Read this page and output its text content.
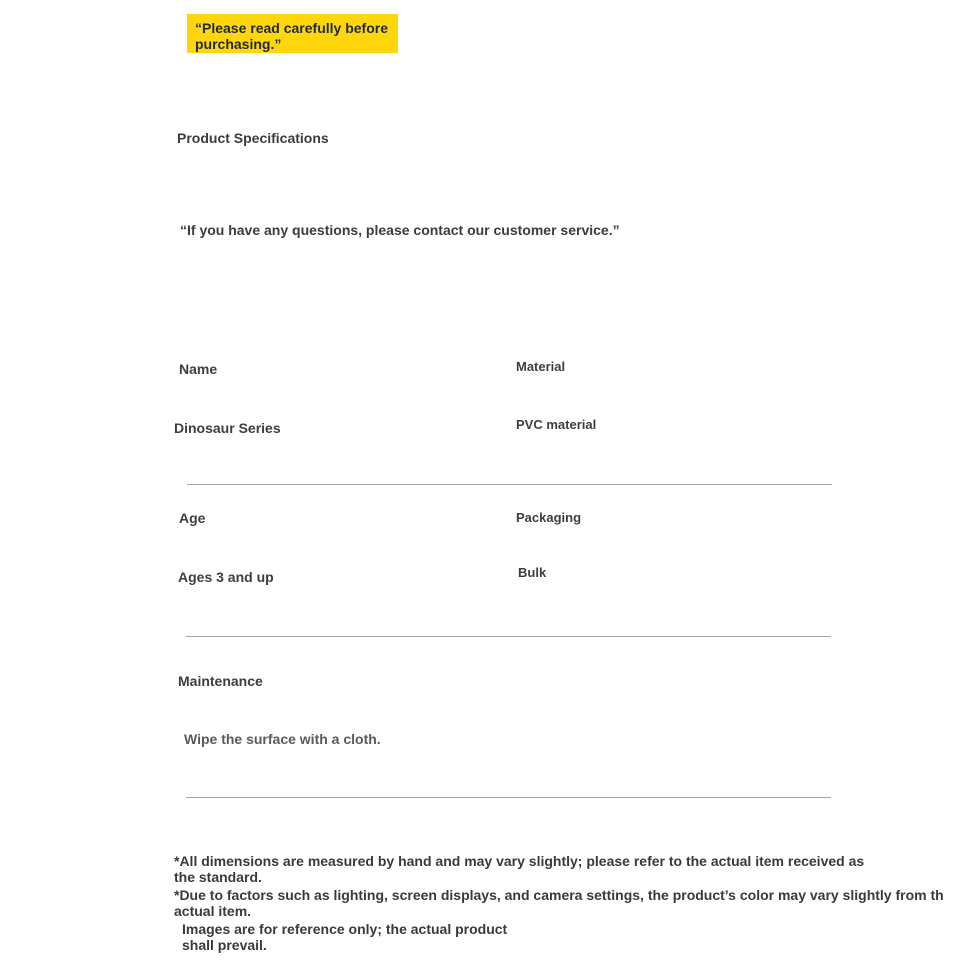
“Please read carefully before
purchasing.”
Product Specifications
“If you have any questions, please contact our customer service.”
Name
Dinosaur Series
Material
PVC material
Age
Ages 3 and up
Packaging
Bulk
Maintenance
Wipe the surface with a cloth.
*All dimensions are measured by hand and may vary slightly; please refer to the actual item received as
the standard.
*Due to factors such as lighting, screen displays, and camera settings, the product’s color may vary slightly from th
actual item.
Images are for reference only; the actual product
shall prevail.
